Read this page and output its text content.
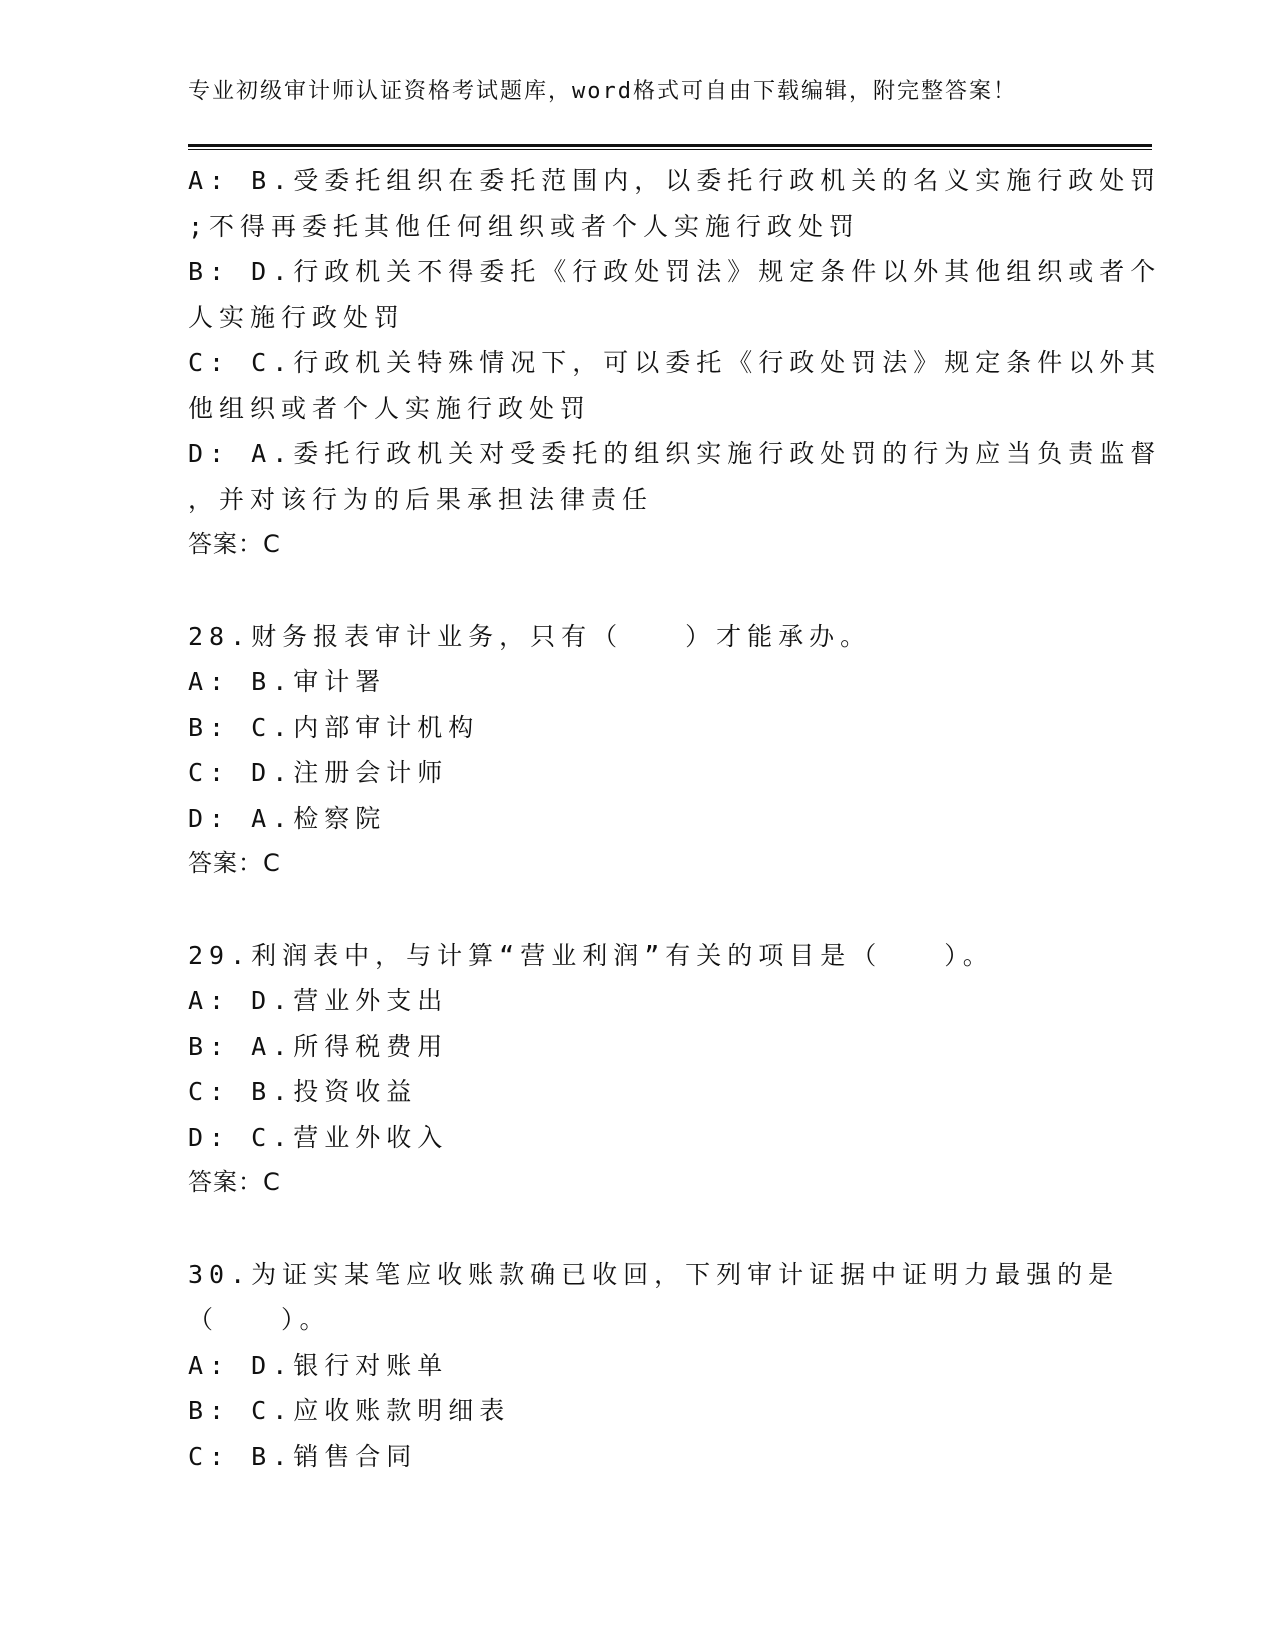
专业初级审计师认证资格考试题库，word格式可自由下载编辑，附完整答案！
A: B.受委托组织在委托范围内，以委托行政机关的名义实施行政处罚
;不得再委托其他任何组织或者个人实施行政处罚
B: D.行政机关不得委托《行政处罚法》规定条件以外其他组织或者个
人实施行政处罚
C: C.行政机关特殊情况下，可以委托《行政处罚法》规定条件以外其
他组织或者个人实施行政处罚
D: A.委托行政机关对受委托的组织实施行政处罚的行为应当负责监督
，并对该行为的后果承担法律责任
答案：C
28.财务报表审计业务，只有（　　）才能承办。
A: B.审计署
B: C.内部审计机构
C: D.注册会计师
D: A.检察院
答案：C
29.利润表中，与计算“营业利润”有关的项目是（　　）。
A: D.营业外支出
B: A.所得税费用
C: B.投资收益
D: C.营业外收入
答案：C
30.为证实某笔应收账款确已收回，下列审计证据中证明力最强的是
（　　）。
A: D.银行对账单
B: C.应收账款明细表
C: B.销售合同
